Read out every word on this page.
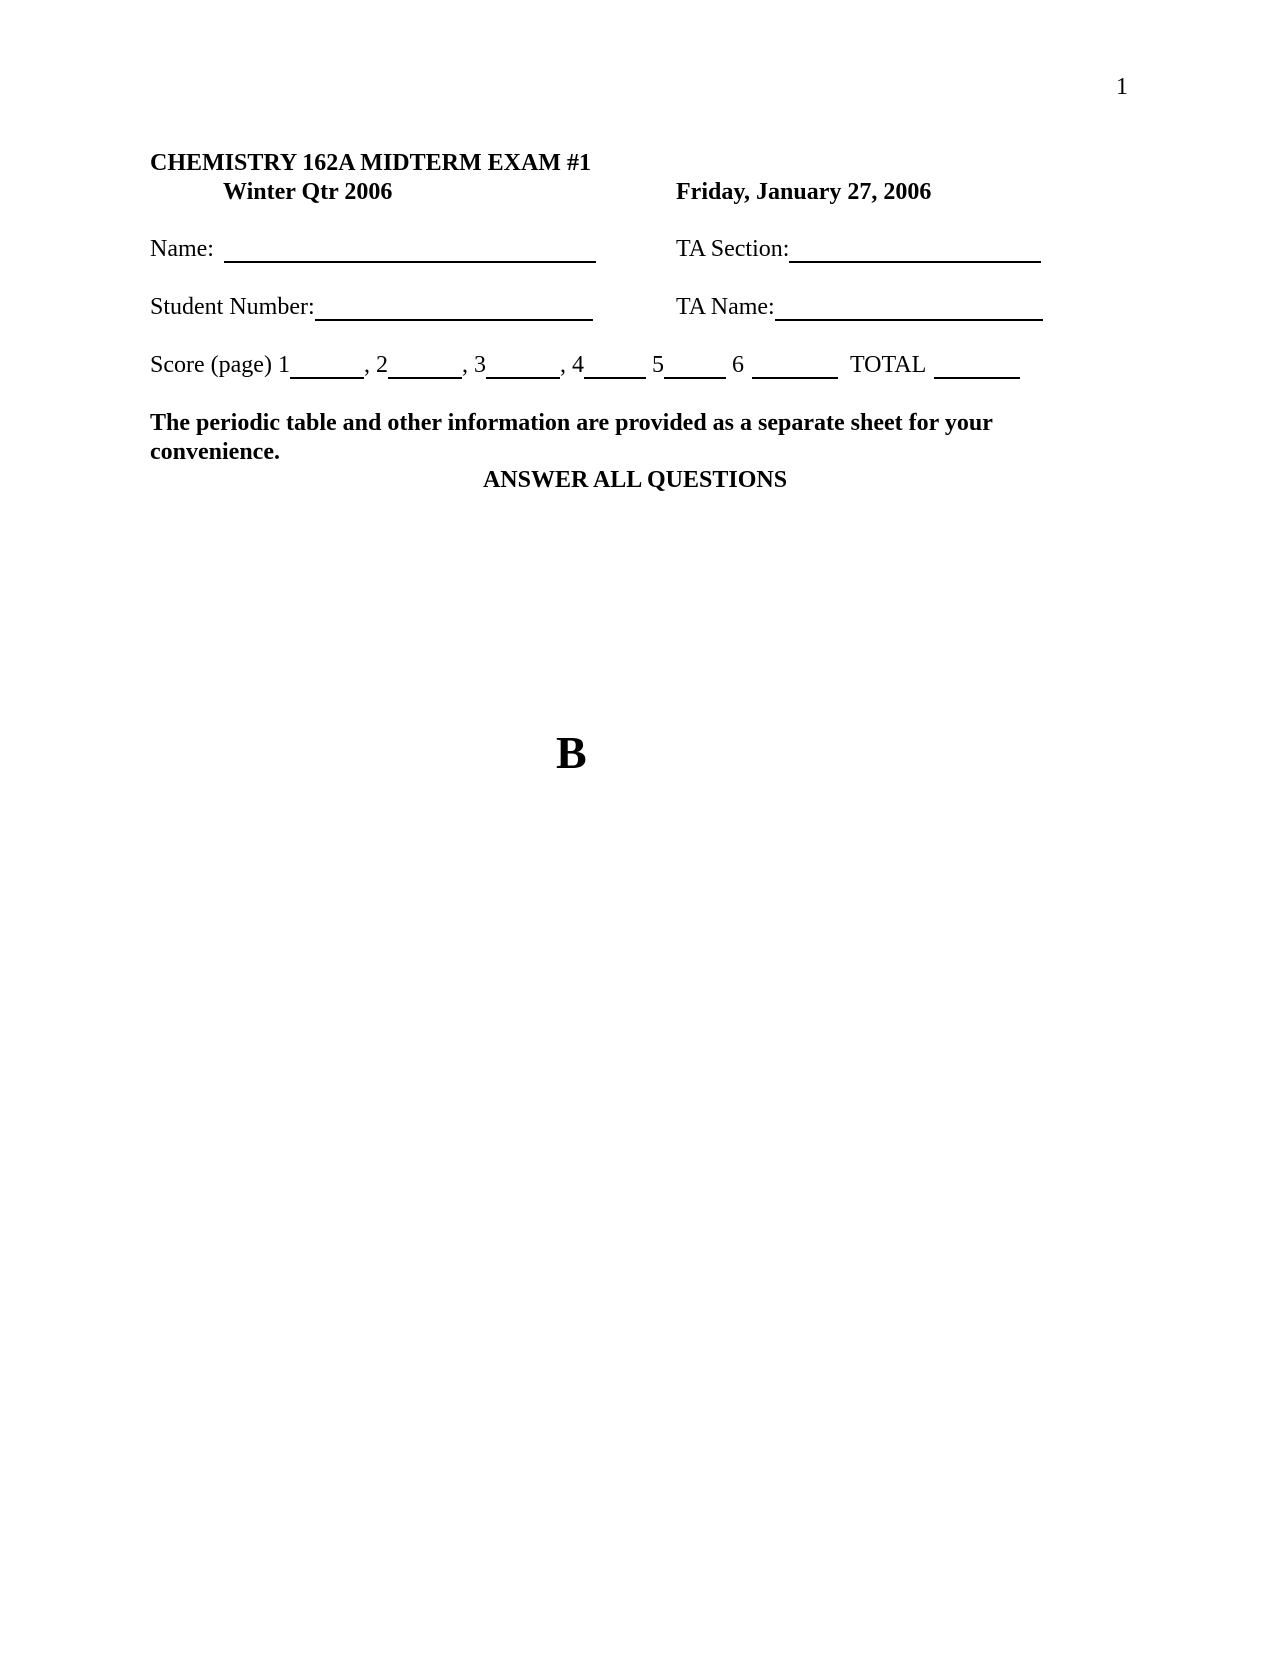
1
CHEMISTRY 162A MIDTERM EXAM #1
Winter Qtr 2006	Friday, January 27, 2006
Name:	TA Section:
Student Number:	TA Name:
Score (page) 1	, 2	, 3	, 4	5	6	TOTAL
The periodic table and other information are provided as a separate sheet for your convenience.
ANSWER ALL QUESTIONS
B
